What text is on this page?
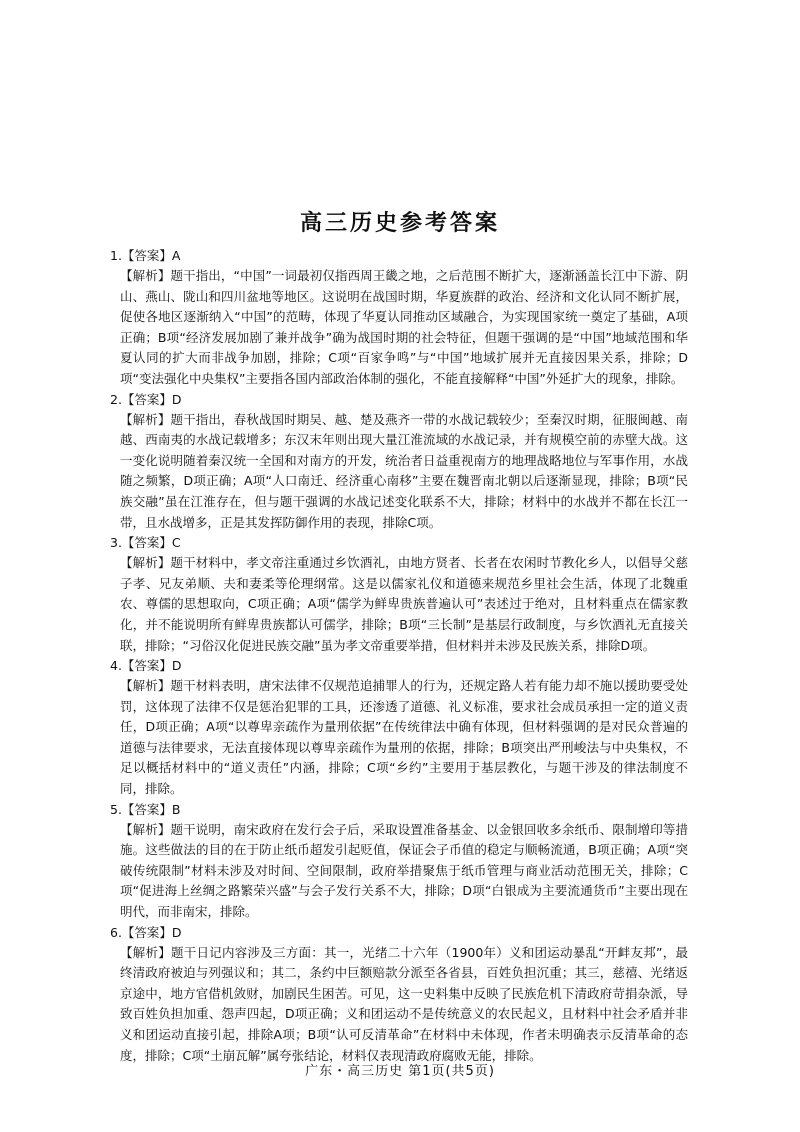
高三历史参考答案

1.【答案】A

【解析】题干指出，“中国”一词最初仅指西周王畿之地，之后范围不断扩大，逐渐涵盖长江中下游、阴山、燕山、陇山和四川盆地等地区。这说明在战国时期，华夏族群的政治、经济和文化认同不断扩展，促使各地区逐渐纳入“中国”的范畴，体现了华夏认同推动区域融合，为实现国家统一奠定了基础，A项正确；B项“经济发展加剧了兼并战争”确为战国时期的社会特征，但题干强调的是“中国”地域范围和华夏认同的扩大而非战争加剧，排除；C项“百家争鸣”与“中国”地域扩展并无直接因果关系，排除；D项“变法强化中央集权”主要指各国内部政治体制的强化，不能直接解释“中国”外延扩大的现象，排除。

2.【答案】D

【解析】题干指出，春秋战国时期吴、越、楚及燕齐一带的水战记载较少；至秦汉时期，征服闽越、南越、西南夷的水战记载增多；东汉末年则出现大量江淮流域的水战记录，并有规模空前的赤壁大战。这一变化说明随着秦汉统一全国和对南方的开发，统治者日益重视南方的地理战略地位与军事作用，水战随之频繁，D项正确；A项“人口南迁、经济重心南移”主要在魏晋南北朝以后逐渐显现，排除；B项“民族交融”虽在江淮存在，但与题干强调的水战记述变化联系不大，排除；材料中的水战并不都在长江一带，且水战增多，正是其发挥防御作用的表现，排除C项。

3.【答案】C

【解析】题干材料中，孝文帝注重通过乡饮酒礼，由地方贤者、长者在农闲时节教化乡人，以倡导父慈子孝、兄友弟顺、夫和妻柔等伦理纲常。这是以儒家礼仪和道德来规范乡里社会生活，体现了北魏重农、尊儒的思想取向，C项正确；A项“儒学为鲜卑贵族普遍认可”表述过于绝对，且材料重点在儒家教化，并不能说明所有鲜卑贵族都认可儒学，排除；B项“三长制”是基层行政制度，与乡饮酒礼无直接关联，排除；“习俗汉化促进民族交融”虽为孝文帝重要举措，但材料并未涉及民族关系，排除D项。

4.【答案】D

【解析】题干材料表明，唐宋法律不仅规范追捕罪人的行为，还规定路人若有能力却不施以援助要受处罚，这体现了法律不仅是惩治犯罪的工具，还渗透了道德、礼义标准，要求社会成员承担一定的道义责任，D项正确；A项“以尊卑亲疏作为量刑依据”在传统律法中确有体现，但材料强调的是对民众普遍的道德与法律要求，无法直接体现以尊卑亲疏作为量刑的依据，排除；B项突出严刑峻法与中央集权，不足以概括材料中的“道义责任”内涵，排除；C项“乡约”主要用于基层教化，与题干涉及的律法制度不同，排除。

5.【答案】B

【解析】题干说明，南宋政府在发行会子后，采取设置准备基金、以金银回收多余纸币、限制增印等措施。这些做法的目的在于防止纸币超发引起贬值，保证会子币值的稳定与顺畅流通，B项正确；A项“突破传统限制”材料未涉及对时间、空间限制，政府举措聚焦于纸币管理与商业活动范围无关，排除；C项“促进海上丝绸之路繁荣兴盛”与会子发行关系不大，排除；D项“白银成为主要流通货币”主要出现在明代，而非南宋，排除。

6.【答案】D

【解析】题干日记内容涉及三方面：其一，光绪二十六年（1900年）义和团运动暴乱“开衅友邦”，最终清政府被迫与列强议和；其二，条约中巨额赔款分派至各省县，百姓负担沉重；其三，慈禧、光绪返京途中，地方官借机敛财，加剧民生困苦。可见，这一史料集中反映了民族危机下清政府苛捐杂派，导致百姓负担加重、怨声四起，D项正确；义和团运动不是传统意义的农民起义，且材料中社会矛盾并非义和团运动直接引起，排除A项；B项“认可反清革命”在材料中未体现，作者未明确表示反清革命的态度，排除；C项“土崩瓦解”属夸张结论，材料仅表现清政府腐败无能，排除。

广东・高三历史 第1页(共5页)
